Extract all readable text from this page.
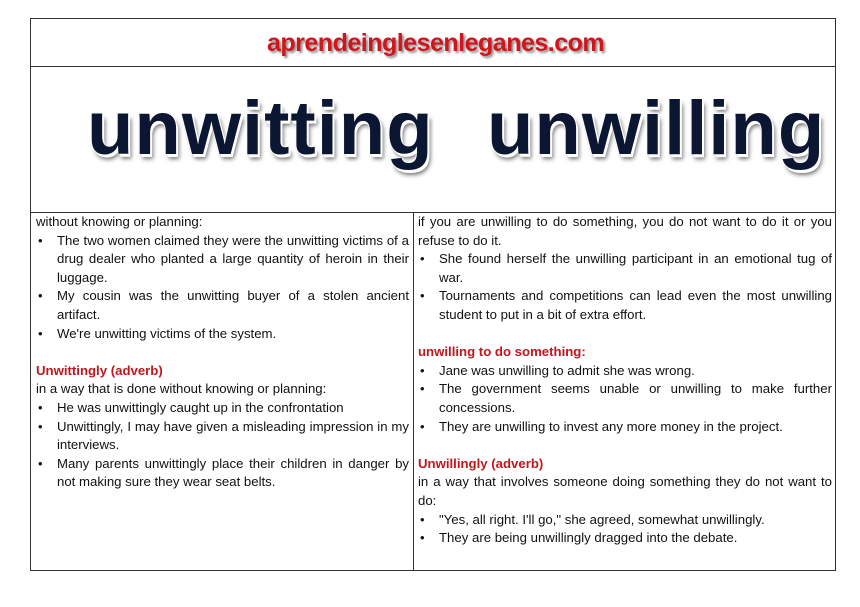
aprendeinglesenleganes.com
unwitting unwilling

without knowing or planning:

• The two women claimed they were the unwitting victims of a drug dealer who planted a large quantity of heroin in their luggage.
• My cousin was the unwitting buyer of a stolen ancient artifact.
• We're unwitting victims of the system.

Unwittingly (adverb)

in a way that is done without knowing or planning:

• He was unwittingly caught up in the confrontation
• Unwittingly, I may have given a misleading impression in my interviews.
• Many parents unwittingly place their children in danger by not making sure they wear seat belts.

if you are unwilling to do something, you do not want to do it or you refuse to do it.

• She found herself the unwilling participant in an emotional tug of war.
• Tournaments and competitions can lead even the most unwilling student to put in a bit of extra effort.

unwilling to do something:

• Jane was unwilling to admit she was wrong.
• The government seems unable or unwilling to make further concessions.
• They are unwilling to invest any more money in the project.

Unwillingly (adverb)

in a way that involves someone doing something they do not want to do:

• "Yes, all right. I'll go," she agreed, somewhat unwillingly.
• They are being unwillingly dragged into the debate.
